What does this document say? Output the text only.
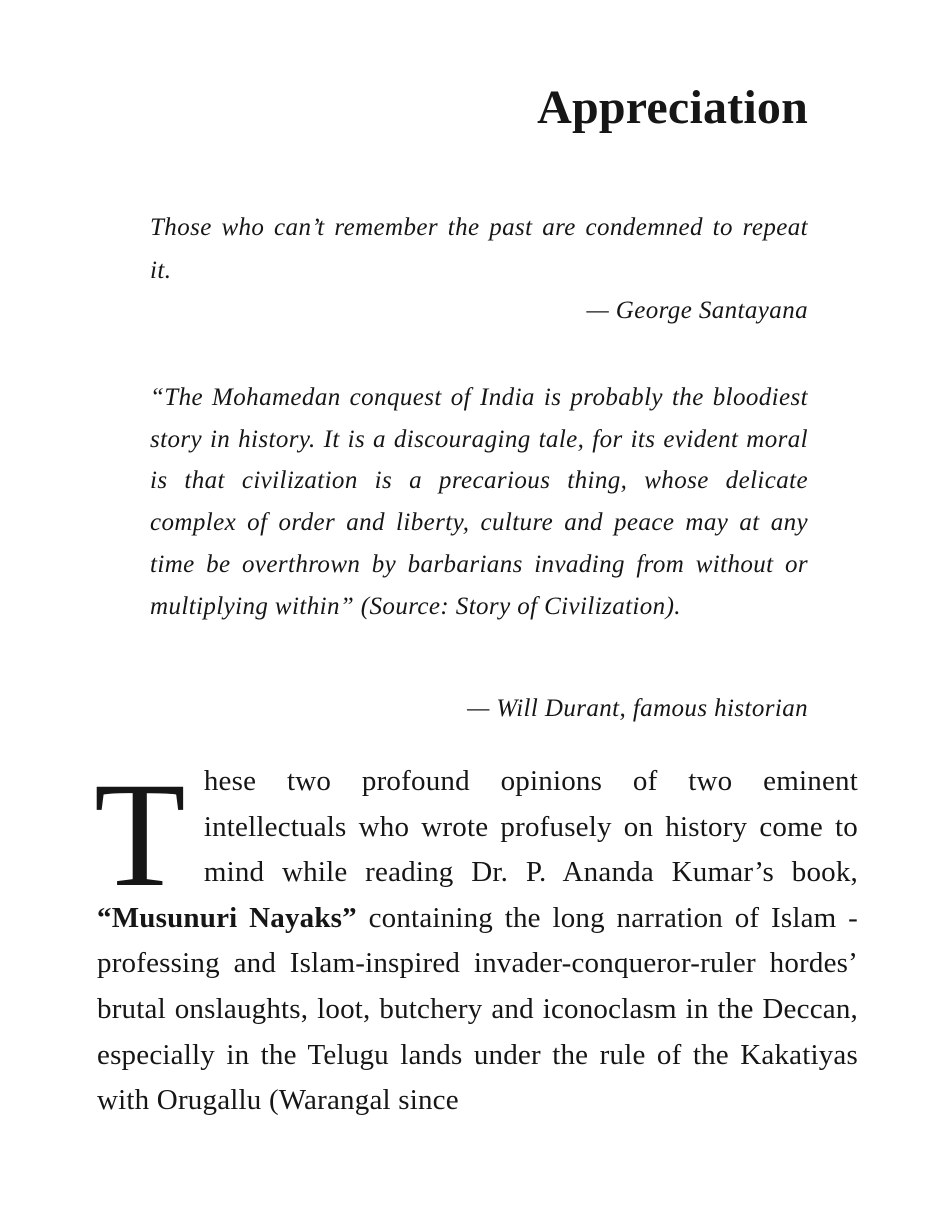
Appreciation

Those who can’t remember the past are condemned to repeat it.

— George Santayana

“The Mohamedan conquest of India is probably the bloodiest story in history. It is a discouraging tale, for its evident moral is that civilization is a precarious thing, whose delicate complex of order and liberty, culture and peace may at any time be overthrown by barbarians invading from without or multiplying within” (Source: Story of Civilization).

— Will Durant, famous historian

These two profound opinions of two eminent intellectuals who wrote profusely on history come to mind while reading Dr. P. Ananda Kumar’s book, “Musunuri Nayaks” containing the long narration of Islam - professing and Islam-inspired invader-conqueror-ruler hordes’ brutal onslaughts, loot, butchery and iconoclasm in the Deccan, especially in the Telugu lands under the rule of the Kakatiyas with Orugallu (Warangal since
